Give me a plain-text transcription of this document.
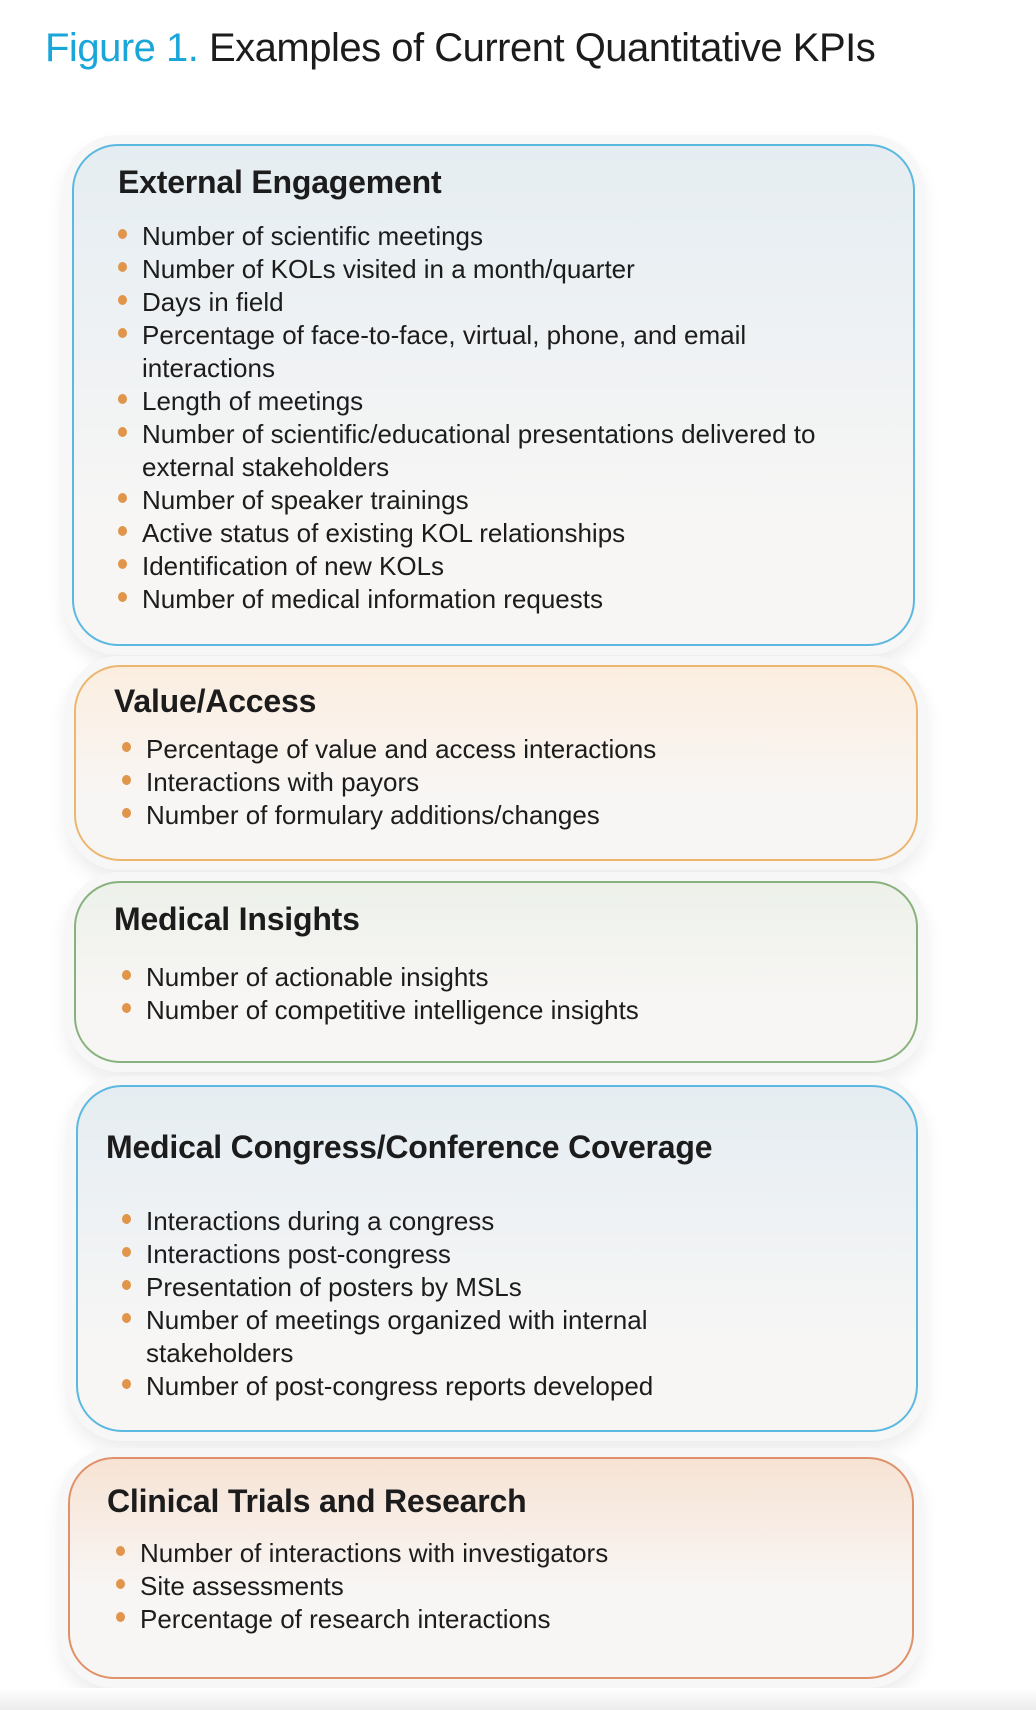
Figure 1. Examples of Current Quantitative KPIs
External Engagement
Number of scientific meetings
Number of KOLs visited in a month/quarter
Days in field
Percentage of face-to-face, virtual, phone, and email interactions
Length of meetings
Number of scientific/educational presentations delivered to external stakeholders
Number of speaker trainings
Active status of existing KOL relationships
Identification of new KOLs
Number of medical information requests
Value/Access
Percentage of value and access interactions
Interactions with payors
Number of formulary additions/changes
Medical Insights
Number of actionable insights
Number of competitive intelligence insights
Medical Congress/Conference Coverage
Interactions during a congress
Interactions post-congress
Presentation of posters by MSLs
Number of meetings organized with internal stakeholders
Number of post-congress reports developed
Clinical Trials and Research
Number of interactions with investigators
Site assessments
Percentage of research interactions
